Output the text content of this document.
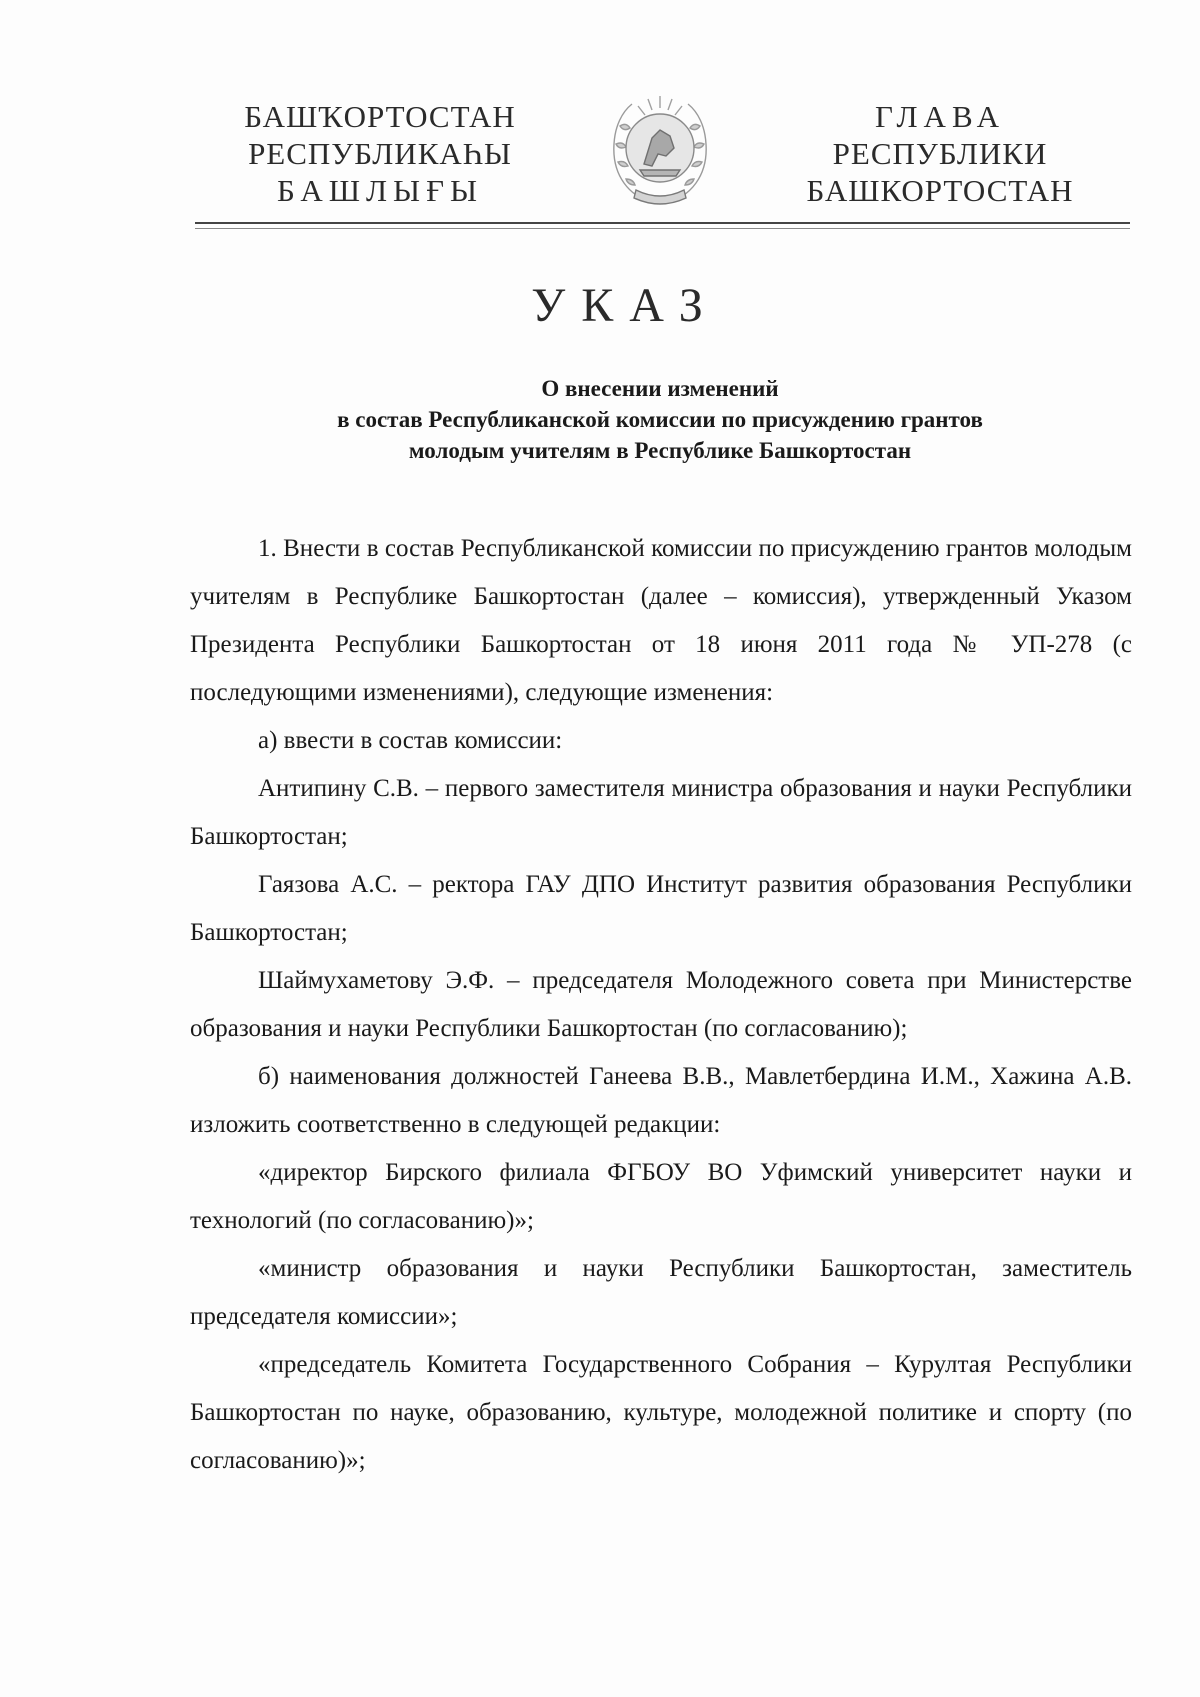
БАШҠОРТОСТАН
РЕСПУБЛИКАҺЫ
БАШЛЫҒЫ
ГЛАВА
РЕСПУБЛИКИ
БАШКОРТОСТАН
УКАЗ
О внесении изменений
в состав Республиканской комиссии по присуждению грантов
молодым учителям в Республике Башкортостан

1. Внести в состав Республиканской комиссии по присуждению грантов молодым учителям в Республике Башкортостан (далее – комиссия), утвержденный Указом Президента Республики Башкортостан от 18 июня 2011 года № УП-278 (с последующими изменениями), следующие изменения:

а) ввести в состав комиссии:

Антипину С.В. – первого заместителя министра образования и науки Республики Башкортостан;

Гаязова А.С. – ректора ГАУ ДПО Институт развития образования Республики Башкортостан;

Шаймухаметову Э.Ф. – председателя Молодежного совета при Министерстве образования и науки Республики Башкортостан (по согласованию);

б) наименования должностей Ганеева В.В., Мавлетбердина И.М., Хажина А.В. изложить соответственно в следующей редакции:

«директор Бирского филиала ФГБОУ ВО Уфимский университет науки и технологий (по согласованию)»;

«министр образования и науки Республики Башкортостан, заместитель председателя комиссии»;

«председатель Комитета Государственного Собрания – Курултая Республики Башкортостан по науке, образованию, культуре, молодежной политике и спорту (по согласованию)»;
